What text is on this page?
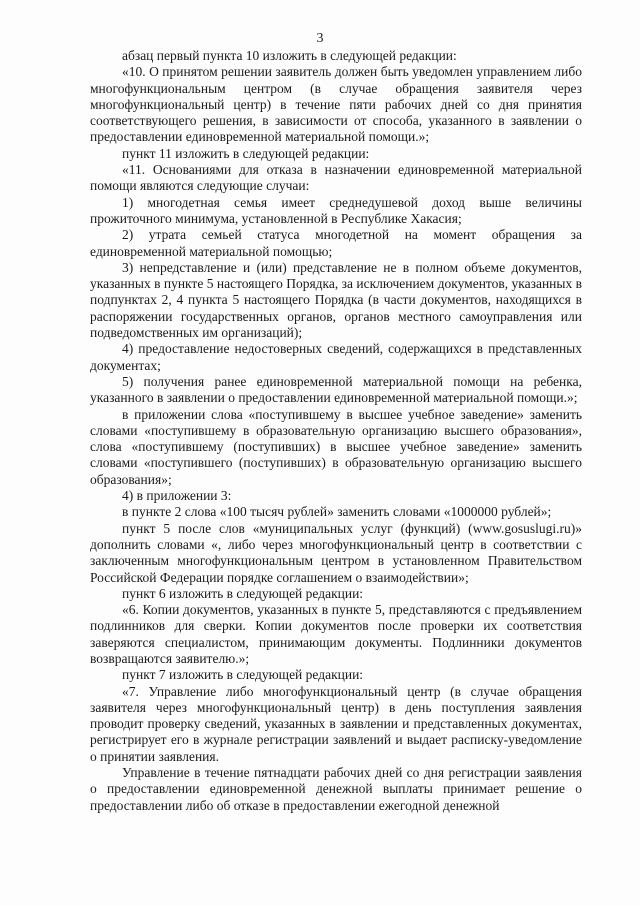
3

абзац первый пункта 10 изложить в следующей редакции:

«10. О принятом решении заявитель должен быть уведомлен управлением либо многофункциональным центром (в случае обращения заявителя через многофункциональный центр) в течение пяти рабочих дней со дня принятия соответствующего решения, в зависимости от способа, указанного в заявлении о предоставлении единовременной материальной помощи.»;

пункт 11 изложить в следующей редакции:

«11. Основаниями для отказа в назначении единовременной материальной помощи являются следующие случаи:

1) многодетная семья имеет среднедушевой доход выше величины прожиточного минимума, установленной в Республике Хакасия;

2) утрата семьей статуса многодетной на момент обращения за единовременной материальной помощью;

3) непредставление и (или) представление не в полном объеме документов, указанных в пункте 5 настоящего Порядка, за исключением документов, указанных в подпунктах 2, 4 пункта 5 настоящего Порядка (в части документов, находящихся в распоряжении государственных органов, органов местного самоуправления или подведомственных им организаций);

4) предоставление недостоверных сведений, содержащихся в представленных документах;

5) получения ранее единовременной материальной помощи на ребенка, указанного в заявлении о предоставлении единовременной материальной помощи.»;

в приложении слова «поступившему в высшее учебное заведение» заменить словами «поступившему в образовательную организацию высшего образования», слова «поступившему (поступивших) в высшее учебное заведение» заменить словами «поступившего (поступивших) в образовательную организацию высшего образования»;

4) в приложении 3:

в пункте 2 слова «100 тысяч рублей» заменить словами «1000000 рублей»;

пункт 5 после слов «муниципальных услуг (функций) (www.gosuslugi.ru)» дополнить словами «, либо через многофункциональный центр в соответствии с заключенным многофункциональным центром в установленном Правительством Российской Федерации порядке соглашением о взаимодействии»;

пункт 6 изложить в следующей редакции:

«6. Копии документов, указанных в пункте 5, представляются с предъявлением подлинников для сверки. Копии документов после проверки их соответствия заверяются специалистом, принимающим документы. Подлинники документов возвращаются заявителю.»;

пункт 7 изложить в следующей редакции:

«7. Управление либо многофункциональный центр (в случае обращения заявителя через многофункциональный центр) в день поступления заявления проводит проверку сведений, указанных в заявлении и представленных документах, регистрирует его в журнале регистрации заявлений и выдает расписку-уведомление о принятии заявления.

Управление в течение пятнадцати рабочих дней со дня регистрации заявления о предоставлении единовременной денежной выплаты принимает решение о предоставлении либо об отказе в предоставлении ежегодной денежной
